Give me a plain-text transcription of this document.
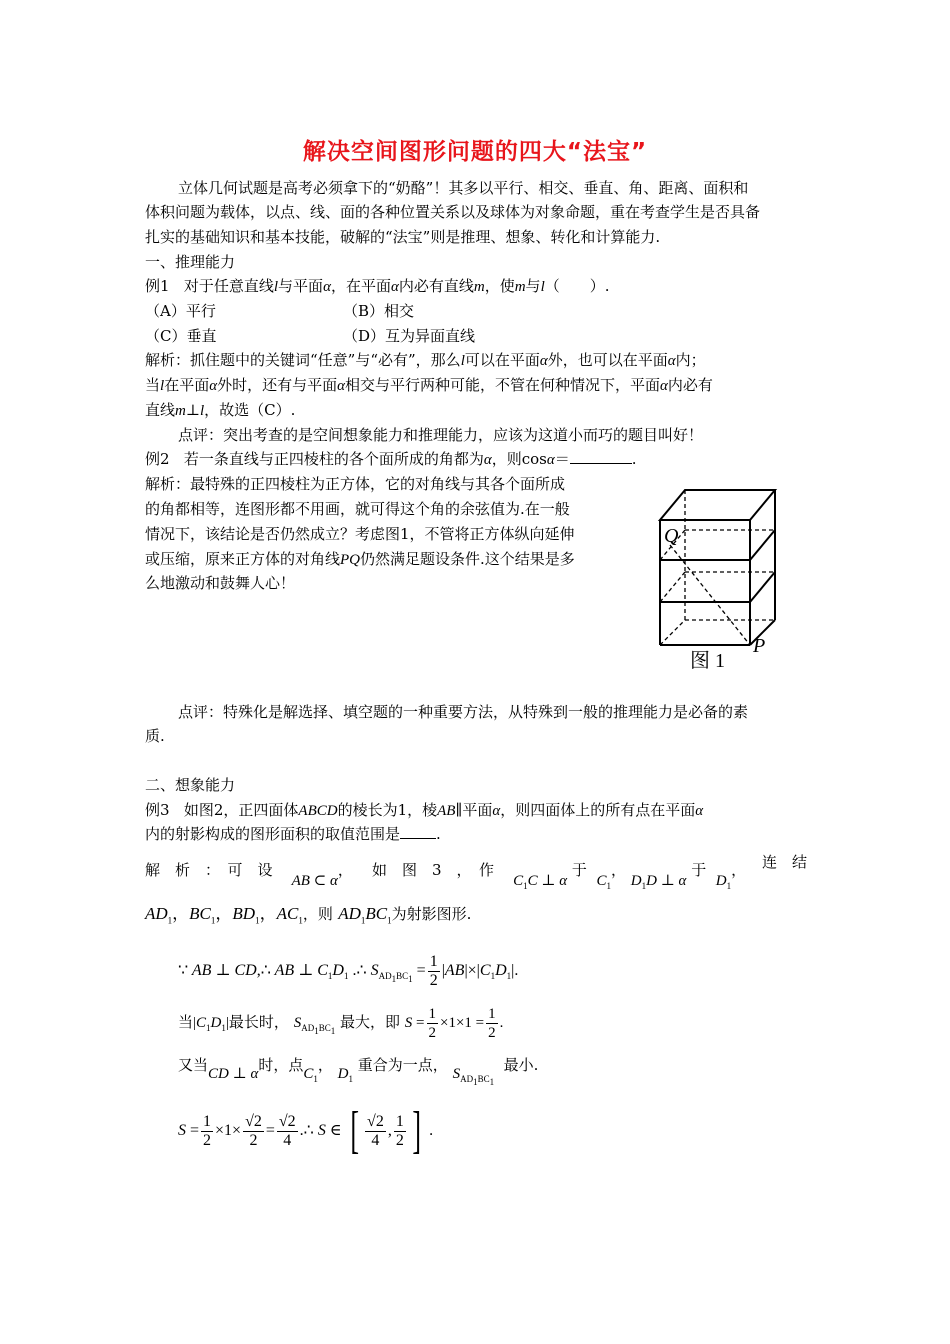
解决空间图形问题的四大“法宝”
立体几何试题是高考必须拿下的“奶酪”！其多以平行、相交、垂直、角、距离、面积和
体积问题为载体，以点、线、面的各种位置关系以及球体为对象命题，重在考查学生是否具备
扎实的基础知识和基本技能，破解的“法宝”则是推理、想象、转化和计算能力.
一、推理能力
例1 对于任意直线l与平面α，在平面α内必有直线m，使m与l（　　）.
（A）平行	（B）相交
（C）垂直	（D）互为异面直线
解析：抓住题中的关键词“任意”与“必有”，那么l可以在平面α外，也可以在平面α内；
当l在平面α外时，还有与平面α相交与平行两种可能，不管在何种情况下，平面α内必有
直线m⊥l，故选（C）.
点评：突出考查的是空间想象能力和推理能力，应该为这道小而巧的题目叫好！
例2 若一条直线与正四棱柱的各个面所成的角都为α，则cosα＝	.
解析：最特殊的正四棱柱为正方体，它的对角线与其各个面所成
的角都相等，连图形都不用画，就可得这个角的余弦值为.在一般
情况下，该结论是否仍然成立？考虑图1，不管将正方体纵向延伸
或压缩，原来正方体的对角线PQ仍然满足题设条件.这个结果是多
么地激动和鼓舞人心！
Q
P
图 1
点评：特殊化是解选择、填空题的一种重要方法，从特殊到一般的推理能力是必备的素
质.
二、想象能力
例3 如图2，正四面体ABCD的棱长为1，棱AB∥平面α，则四面体上的所有点在平面α
内的射影构成的图形面积的取值范围是 .
解　析　：　可　设    AB ⊂ α， 如　图　3　，　作    $C_1C$ ⊥ α 于  $C_1$， $D_1D$ ⊥ α 于  $D_1$，	连　结
$AD_1$，$BC_1$，$BD_1$，$AC_1$，则 $AD_1BC_1$为射影图形.
∵ AB ⊥ CD,∴ AB ⊥ $C_1D_1$ .∴ $S_{AD_1BC_1} = \frac{1}{2} |AB|\times|C_1D_1|$.
当$|C_1D_1|$最长时， $S_{AD_1BC_1}$ 最大，即 $S = \frac{1}{2} \times 1\times 1 = \frac{1}{2}$ .
又当CD ⊥ α时，点$C_1$， $D_1$ 重合为一点， $S_{AD_1BC_1}$  最小.
$S = \frac{1}{2} \times 1\times \frac{√2}{2} = \frac{√2}{4}$ .∴ S ∈ [ $\frac{√2}{4}$ , $\frac{1}{2}$ ] .
